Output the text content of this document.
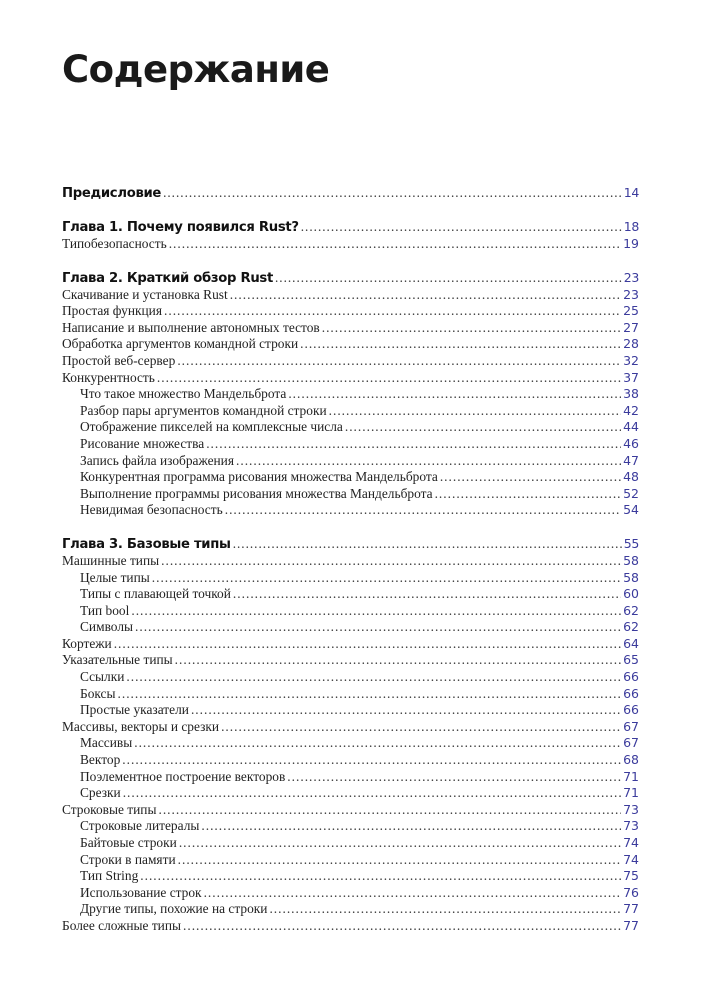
Содержание
Предисловие .....	14
Глава 1. Почему появился Rust? .....	18
Типобезопасность .....	19
Глава 2. Краткий обзор Rust .....	23
Скачивание и установка Rust .....	23
Простая функция .....	25
Написание и выполнение автономных тестов .....	27
Обработка аргументов командной строки .....	28
Простой веб-сервер .....	32
Конкурентность .....	37
Что такое множество Мандельброта .....	38
Разбор пары аргументов командной строки .....	42
Отображение пикселей на комплексные числа .....	44
Рисование множества .....	46
Запись файла изображения .....	47
Конкурентная программа рисования множества Мандельброта .....	48
Выполнение программы рисования множества Мандельброта .....	52
Невидимая безопасность .....	54
Глава 3. Базовые типы .....	55
Машинные типы .....	58
Целые типы .....	58
Типы с плавающей точкой .....	60
Тип bool .....	62
Символы .....	62
Кортежи .....	64
Указательные типы .....	65
Ссылки .....	66
Боксы .....	66
Простые указатели .....	66
Массивы, векторы и срезки .....	67
Массивы .....	67
Вектор .....	68
Поэлементное построение векторов .....	71
Срезки .....	71
Строковые типы .....	73
Строковые литералы .....	73
Байтовые строки .....	74
Строки в памяти .....	74
Тип String .....	75
Использование строк .....	76
Другие типы, похожие на строки .....	77
Более сложные типы .....	77
